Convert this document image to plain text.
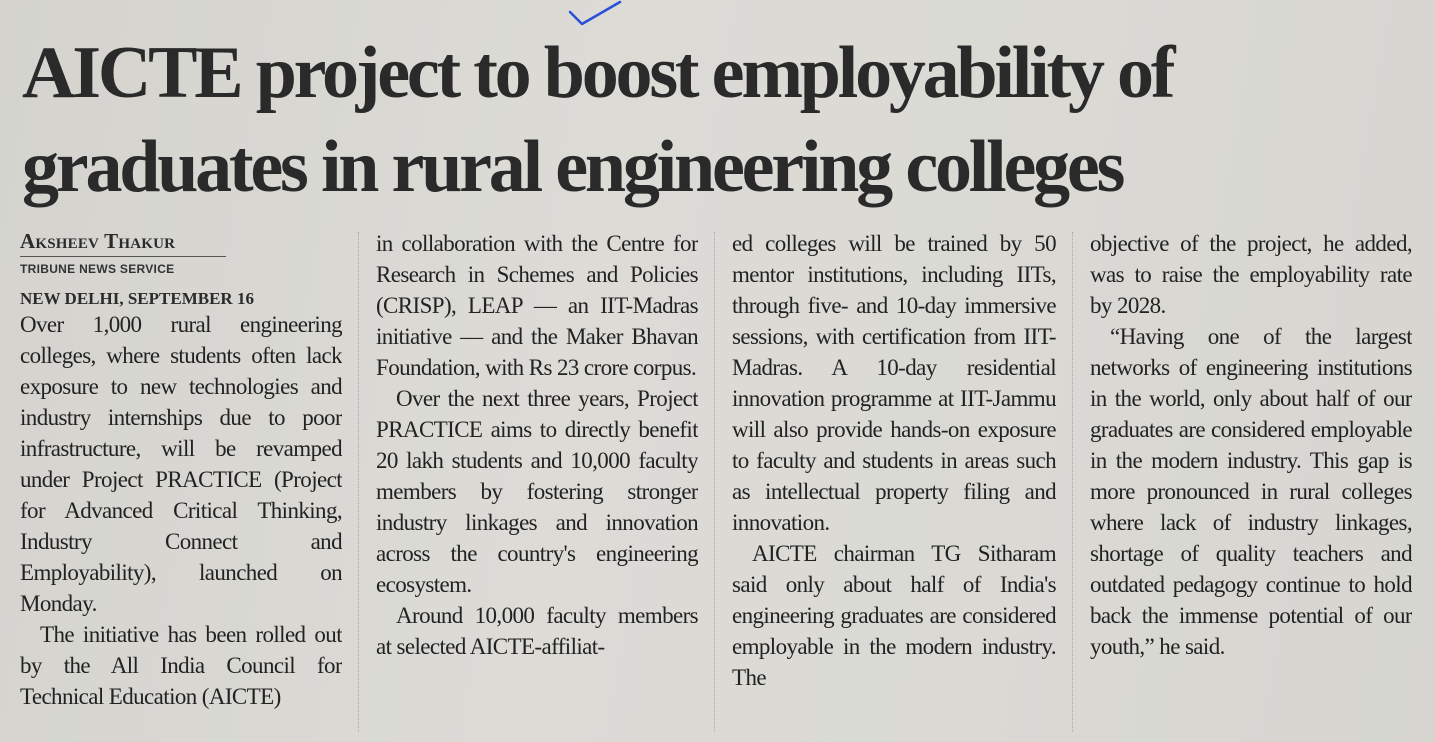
AICTE project to boost employability of
graduates in rural engineering colleges
Aksheev Thakur
TRIBUNE NEWS SERVICE
NEW DELHI, SEPTEMBER 16

Over 1,000 rural engineering colleges, where students often lack exposure to new technologies and industry internships due to poor infrastructure, will be revamped under Project PRACTICE (Project for Advanced Critical Thinking, Industry Connect and Employability), launched on Monday.

The initiative has been rolled out by the All India Council for Technical Education (AICTE)

in collaboration with the Centre for Research in Schemes and Policies (CRISP), LEAP — an IIT-Madras initiative — and the Maker Bhavan Foundation, with Rs 23 crore corpus.

Over the next three years, Project PRACTICE aims to directly benefit 20 lakh students and 10,000 faculty members by fostering stronger industry linkages and innovation across the country's engineering ecosystem.

Around 10,000 faculty members at selected AICTE-affiliat-

ed colleges will be trained by 50 mentor institutions, including IITs, through five- and 10-day immersive sessions, with certification from IIT-Madras. A 10-day residential innovation programme at IIT-Jammu will also provide hands-on exposure to faculty and students in areas such as intellectual property filing and innovation.

AICTE chairman TG Sitharam said only about half of India's engineering graduates are considered employable in the modern industry. The

objective of the project, he added, was to raise the employability rate by 2028.

“Having one of the largest networks of engineering institutions in the world, only about half of our graduates are considered employable in the modern industry. This gap is more pronounced in rural colleges where lack of industry linkages, shortage of quality teachers and outdated pedagogy continue to hold back the immense potential of our youth,” he said.
